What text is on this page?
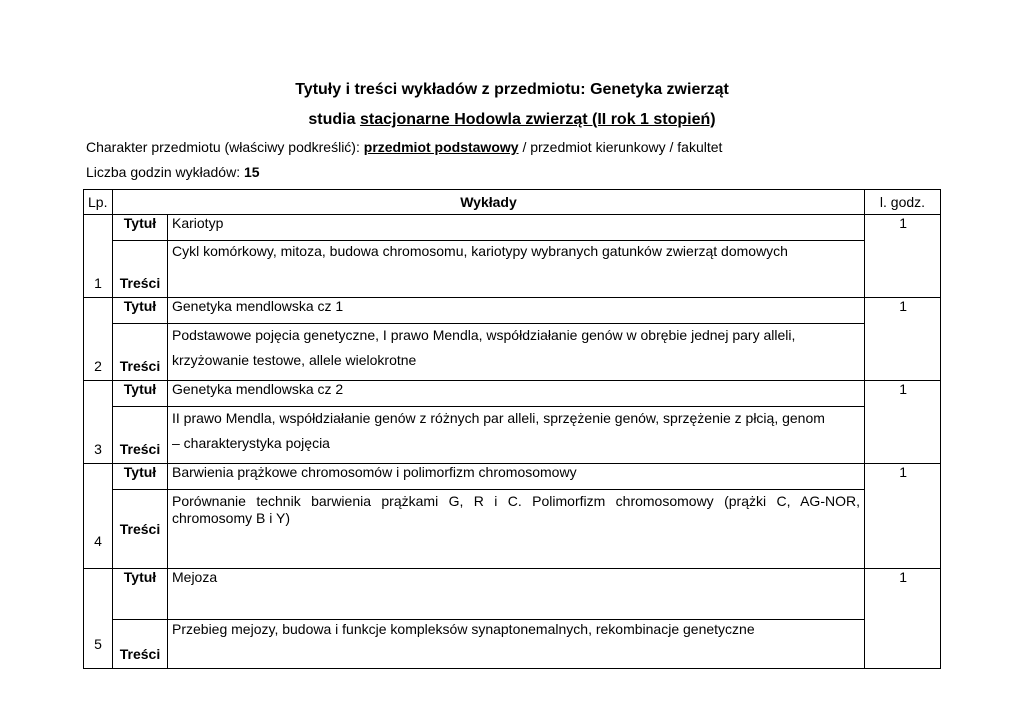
Tytuły i treści wykładów z przedmiotu: Genetyka zwierząt
studia stacjonarne Hodowla zwierząt (II rok 1 stopień)
Charakter przedmiotu (właściwy podkreślić): przedmiot podstawowy / przedmiot kierunkowy / fakultet
Liczba godzin wykładów: 15
Lp.	Wykłady		l. godz.
1	Tytuł	Kariotyp	1
	Treści	Cykl komórkowy, mitoza, budowa chromosomu, kariotypy wybranych gatunków zwierząt domowych	
2	Tytuł	Genetyka mendlowska cz 1	1
	Treści	Podstawowe pojęcia genetyczne, I prawo Mendla, współdziałanie genów w obrębie jednej pary alleli,
krzyżowanie testowe, allele wielokrotne	

3	Tytuł	Genetyka mendlowska cz 2	1
	Treści	II prawo Mendla, współdziałanie genów z różnych par alleli, sprzężenie genów, sprzężenie z płcią, genom
– charakterystyka pojęcia	

4	Tytuł	Barwienia prążkowe chromosomów i polimorfizm chromosomowy	1
	Treści	Porównanie technik barwienia prążkami G, R i C. Polimorfizm chromosomowy (prążki C, AG-NOR, chromosomy B i Y)	
5	Tytuł	Mejoza	1
	Treści	Przebieg mejozy, budowa i funkcje kompleksów synaptonemalnych, rekombinacje genetyczne	
